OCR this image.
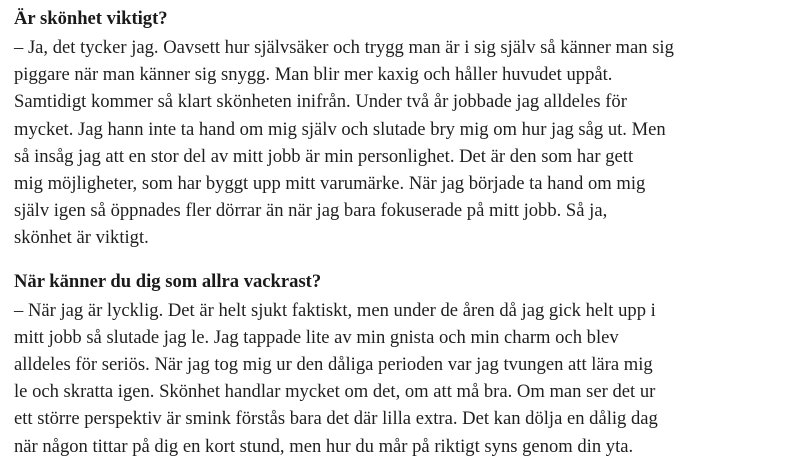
Är skönhet viktigt?

– Ja, det tycker jag. Oavsett hur självsäker och trygg man är i sig själv så känner man sig
piggare när man känner sig snygg. Man blir mer kaxig och håller huvudet uppåt.
Samtidigt kommer så klart skönheten inifrån. Under två år jobbade jag alldeles för
mycket. Jag hann inte ta hand om mig själv och slutade bry mig om hur jag såg ut. Men
så insåg jag att en stor del av mitt jobb är min personlighet. Det är den som har gett
mig möjligheter, som har byggt upp mitt varumärke. När jag började ta hand om mig
själv igen så öppnades fler dörrar än när jag bara fokuserade på mitt jobb. Så ja,
skönhet är viktigt.

När känner du dig som allra vackrast?

– När jag är lycklig. Det är helt sjukt faktiskt, men under de åren då jag gick helt upp i
mitt jobb så slutade jag le. Jag tappade lite av min gnista och min charm och blev
alldeles för seriös. När jag tog mig ur den dåliga perioden var jag tvungen att lära mig
le och skratta igen. Skönhet handlar mycket om det, om att må bra. Om man ser det ur
ett större perspektiv är smink förstås bara det där lilla extra. Det kan dölja en dålig dag
när någon tittar på dig en kort stund, men hur du mår på riktigt syns genom din yta.
